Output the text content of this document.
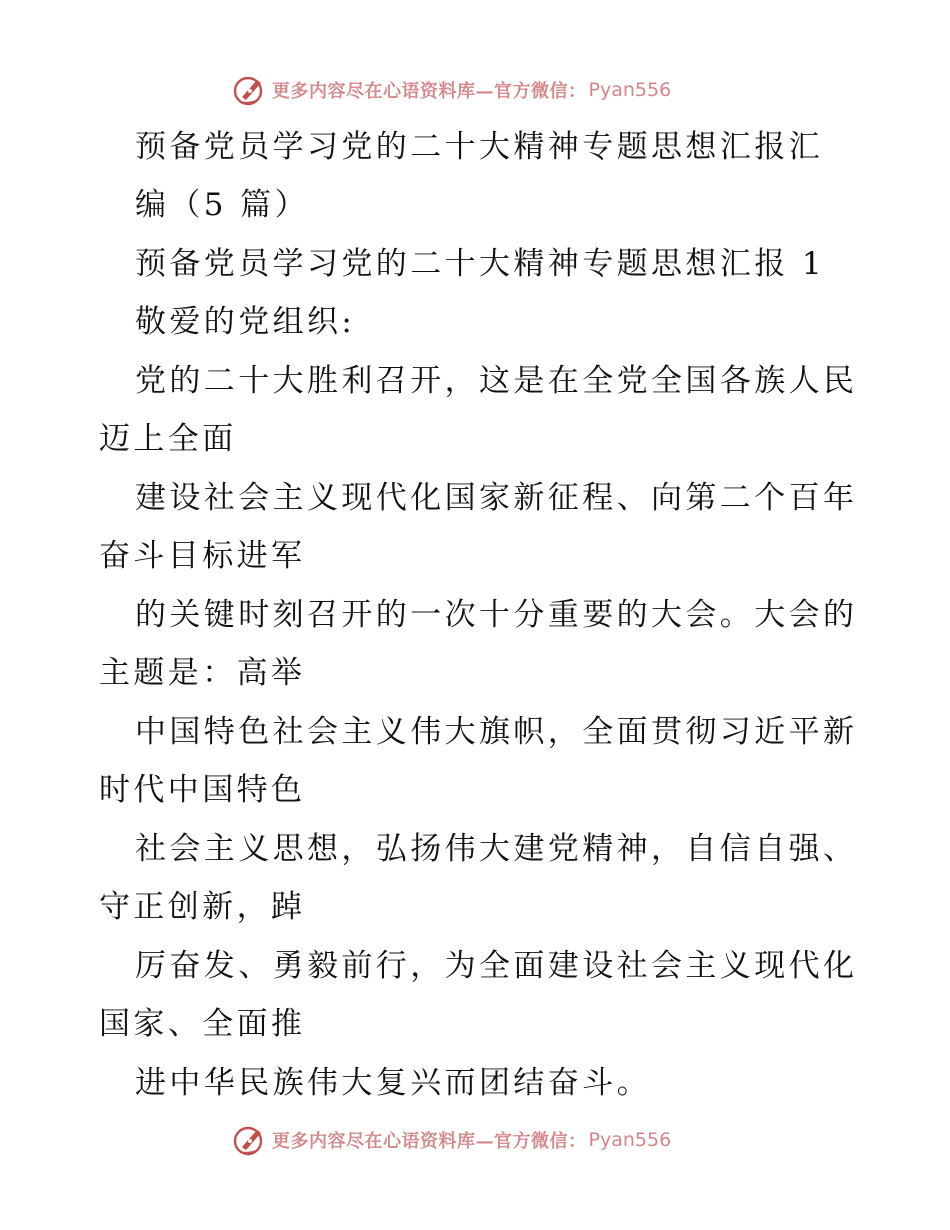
更多内容尽在心语资料库—官方微信： Pyan556
预备党员学习党的二十大精神专题思想汇报汇
编（5 篇）
预备党员学习党的二十大精神专题思想汇报 1
敬爱的党组织:
党的二十大胜利召开，这是在全党全国各族人民
迈上全面
建设社会主义现代化国家新征程、向第二个百年
奋斗目标进军
的关键时刻召开的一次十分重要的大会。大会的
主题是：高举
中国特色社会主义伟大旗帜，全面贯彻习近平新
时代中国特色
社会主义思想，弘扬伟大建党精神，自信自强、
守正创新，踔
厉奋发、勇毅前行，为全面建设社会主义现代化
国家、全面推
进中华民族伟大复兴而团结奋斗。
更多内容尽在心语资料库—官方微信： Pyan556
